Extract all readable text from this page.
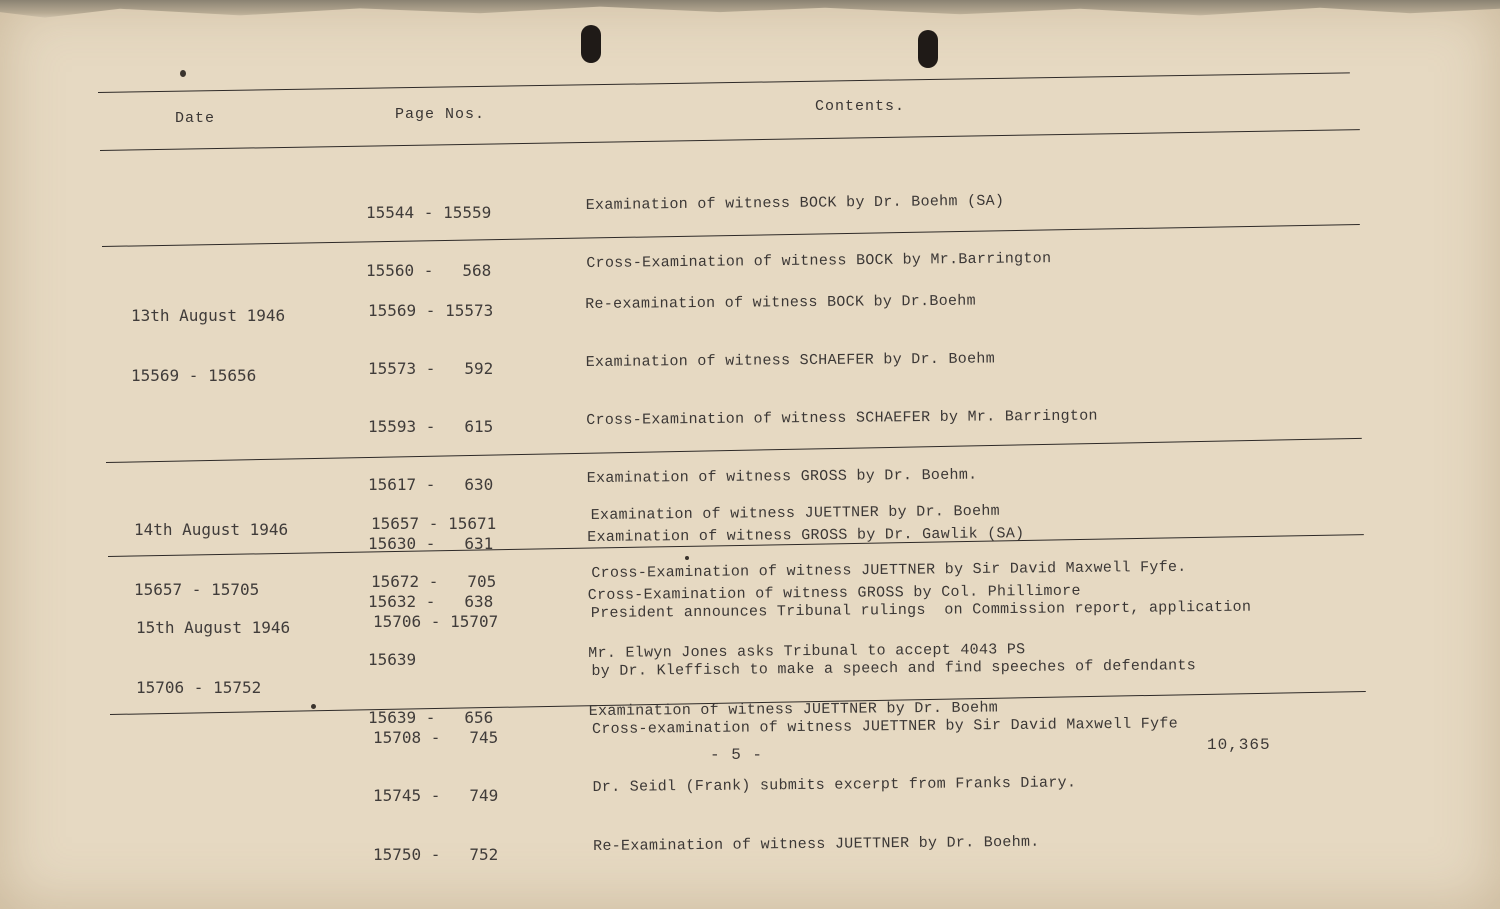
Date	Page Nos.	Contents.

15544 - 15559

15560 -   568

Examination of witness BOCK by Dr. Boehm (SA)

Cross-Examination of witness BOCK by Mr.Barrington

13th August 1946

15569 - 15656

15569 - 15573

15573 -   592

15593 -   615

15617 -   630

15630 -   631

15632 -   638

15639

15639 -   656

Re-examination of witness BOCK by Dr.Boehm

Examination of witness SCHAEFER by Dr. Boehm

Cross-Examination of witness SCHAEFER by Mr. Barrington

Examination of witness GROSS by Dr. Boehm.

Examination of witness GROSS by Dr. Gawlik (SA)

Cross-Examination of witness GROSS by Col. Phillimore

Mr. Elwyn Jones asks Tribunal to accept 4043 PS

Examination of witness JUETTNER by Dr. Boehm

14th August 1946

15657 - 15705

15657 - 15671

15672 -   705

Examination of witness JUETTNER by Dr. Boehm

Cross-Examination of witness JUETTNER by Sir David Maxwell Fyfe.

15th August 1946

15706 - 15752

15706 - 15707

15708 -   745

15745 -   749

15750 -   752

President announces Tribunal rulings  on Commission report, application

by Dr. Kleffisch to make a speech and find speeches of defendants

Cross-examination of witness JUETTNER by Sir David Maxwell Fyfe

Dr. Seidl (Frank) submits excerpt from Franks Diary.

Re-Examination of witness JUETTNER by Dr. Boehm.

- 5 -
10,365
